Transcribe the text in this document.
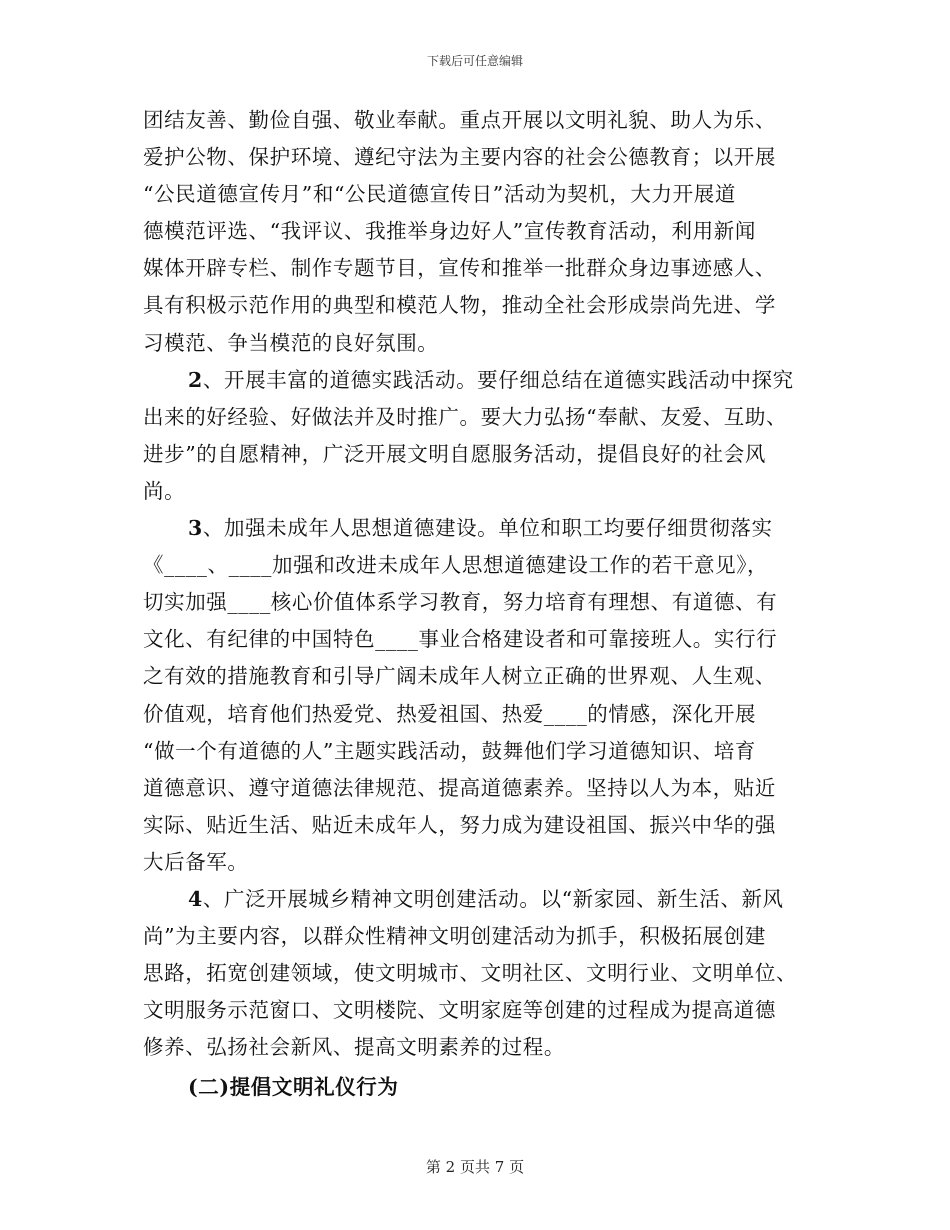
下载后可任意编辑

团结友善、勤俭自强、敬业奉献。重点开展以文明礼貌、助人为乐、

爱护公物、保护环境、遵纪守法为主要内容的社会公德教育；以开展

“公民道德宣传月”和“公民道德宣传日”活动为契机，大力开展道

德模范评选、“我评议、我推举身边好人”宣传教育活动，利用新闻

媒体开辟专栏、制作专题节目，宣传和推举一批群众身边事迹感人、

具有积极示范作用的典型和模范人物，推动全社会形成崇尚先进、学

习模范、争当模范的良好氛围。

2、开展丰富的道德实践活动。要仔细总结在道德实践活动中探究

出来的好经验、好做法并及时推广。要大力弘扬“奉献、友爱、互助、

进步”的自愿精神，广泛开展文明自愿服务活动，提倡良好的社会风

尚。

3、加强未成年人思想道德建设。单位和职工均要仔细贯彻落实

《____、____加强和改进未成年人思想道德建设工作的若干意见》，

切实加强____核心价值体系学习教育，努力培育有理想、有道德、有

文化、有纪律的中国特色____事业合格建设者和可靠接班人。实行行

之有效的措施教育和引导广阔未成年人树立正确的世界观、人生观、

价值观，培育他们热爱党、热爱祖国、热爱____的情感，深化开展

“做一个有道德的人”主题实践活动，鼓舞他们学习道德知识、培育

道德意识、遵守道德法律规范、提高道德素养。坚持以人为本，贴近

实际、贴近生活、贴近未成年人，努力成为建设祖国、振兴中华的强

大后备军。

4、广泛开展城乡精神文明创建活动。以“新家园、新生活、新风

尚”为主要内容，以群众性精神文明创建活动为抓手，积极拓展创建

思路，拓宽创建领域，使文明城市、文明社区、文明行业、文明单位、

文明服务示范窗口、文明楼院、文明家庭等创建的过程成为提高道德

修养、弘扬社会新风、提高文明素养的过程。

(二)提倡文明礼仪行为

第 2 页共 7 页
